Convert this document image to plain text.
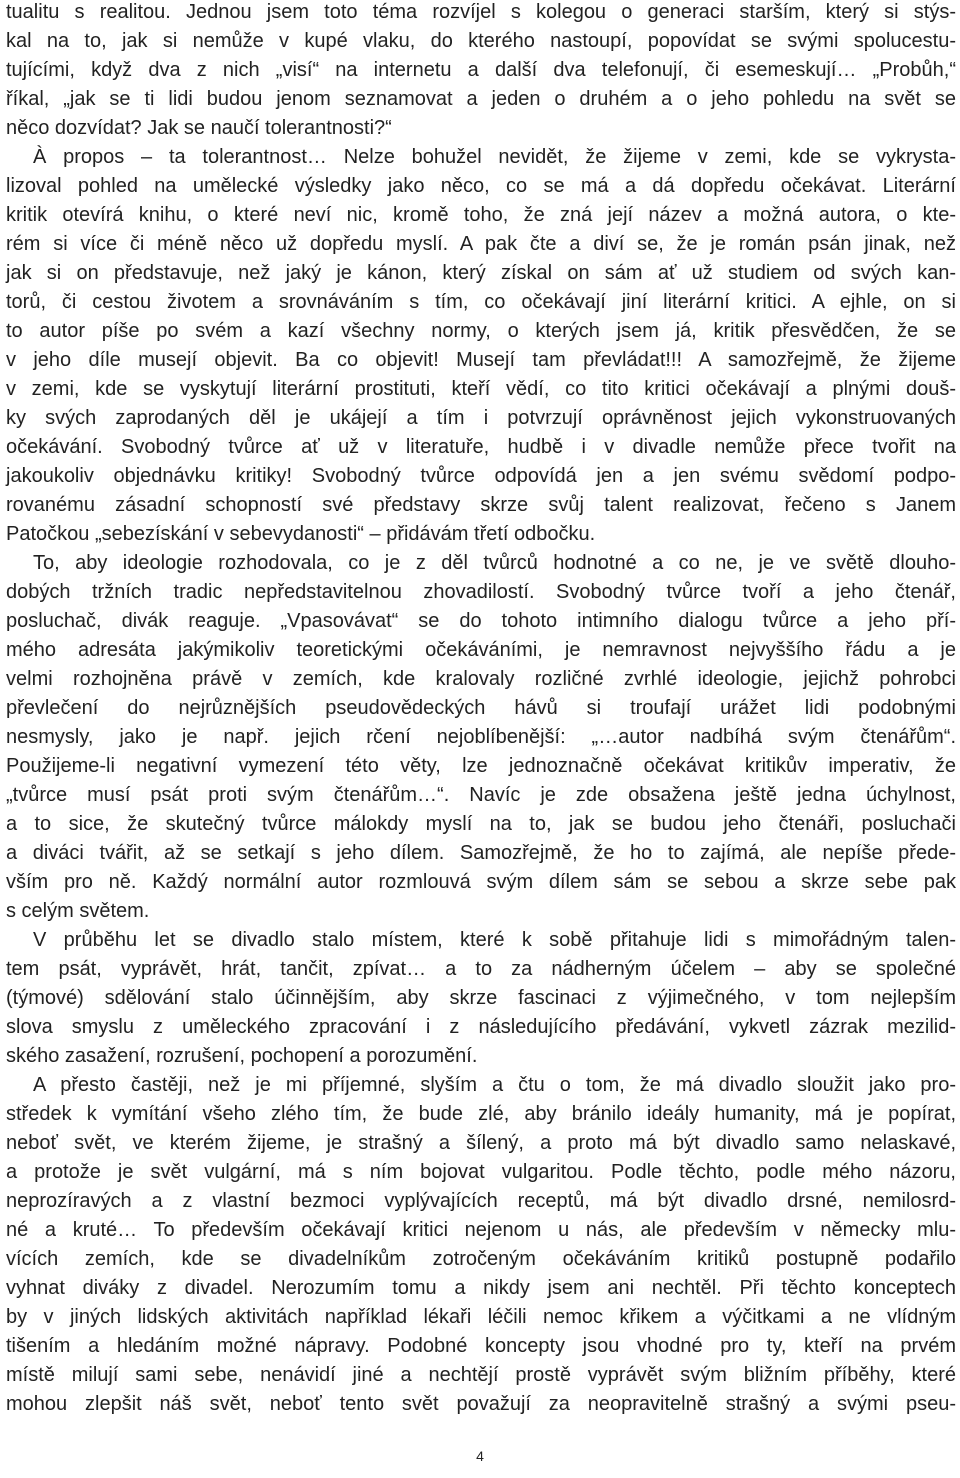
tualitu s realitou. Jednou jsem toto téma rozvíjel s kolegou o generaci starším, který si stýs-
kal na to, jak si nemůže v kupé vlaku, do kterého nastoupí, popovídat se svými spolucestu-
tujícími, když dva z nich „visí“ na internetu a další dva telefonují, či esemeskují… „Probůh,“
říkal, „jak se ti lidi budou jenom seznamovat a jeden o druhém a o jeho pohledu na svět se
něco dozvídat? Jak se naučí tolerantnosti?“
À propos – ta tolerantnost… Nelze bohužel nevidět, že žijeme v zemi, kde se vykrysta-
lizoval pohled na umělecké výsledky jako něco, co se má a dá dopředu očekávat. Literární
kritik otevírá knihu, o které neví nic, kromě toho, že zná její název a možná autora, o kte-
rém si více či méně něco už dopředu myslí. A pak čte a diví se, že je román psán jinak, než
jak si on představuje, než jaký je kánon, který získal on sám ať už studiem od svých kan-
torů, či cestou životem a srovnáváním s tím, co očekávají jiní literární kritici. A ejhle, on si
to autor píše po svém a kazí všechny normy, o kterých jsem já, kritik přesvědčen, že se
v jeho díle musejí objevit. Ba co objevit! Musejí tam převládat!!! A samozřejmě, že žijeme
v zemi, kde se vyskytují literární prostituti, kteří vědí, co tito kritici očekávají a plnými douš-
ky svých zaprodaných děl je ukájejí a tím i potvrzují oprávněnost jejich vykonstruovaných
očekávání. Svobodný tvůrce ať už v literatuře, hudbě i v divadle nemůže přece tvořit na
jakoukoliv objednávku kritiky! Svobodný tvůrce odpovídá jen a jen svému svědomí podpo-
rovanému zásadní schopností své představy skrze svůj talent realizovat, řečeno s Janem
Patočkou „sebezískání v sebevydanosti“ – přidávám třetí odbočku.
To, aby ideologie rozhodovala, co je z děl tvůrců hodnotné a co ne, je ve světě dlouho-
dobých tržních tradic nepředstavitelnou zhovadilostí. Svobodný tvůrce tvoří a jeho čtenář,
posluchač, divák reaguje. „Vpasovávat“ se do tohoto intimního dialogu tvůrce a jeho pří-
mého adresáta jakýmikoliv teoretickými očekáváními, je nemravnost nejvyššího řádu a je
velmi rozhojněna právě v zemích, kde kralovaly rozličné zvrhlé ideologie, jejichž pohrobci
převlečení do nejrůznějších pseudovědeckých hávů si troufají urážet lidi podobnými
nesmysly, jako je např. jejich rčení nejoblíbenější: „…autor nadbíhá svým čtenářům“.
Použijeme-li negativní vymezení této věty, lze jednoznačně očekávat kritikův imperativ, že
„tvůrce musí psát proti svým čtenářům…“. Navíc je zde obsažena ještě jedna úchylnost,
a to sice, že skutečný tvůrce málokdy myslí na to, jak se budou jeho čtenáři, posluchači
a diváci tvářit, až se setkají s jeho dílem. Samozřejmě, že ho to zajímá, ale nepíše přede-
vším pro ně. Každý normální autor rozmlouvá svým dílem sám se sebou a skrze sebe pak
s celým světem.
V průběhu let se divadlo stalo místem, které k sobě přitahuje lidi s mimořádným talen-
tem psát, vyprávět, hrát, tančit, zpívat… a to za nádherným účelem – aby se společné
(týmové) sdělování stalo účinnějším, aby skrze fascinaci z výjimečného, v tom nejlepším
slova smyslu z uměleckého zpracování i z následujícího předávání, vykvetl zázrak mezilid-
ského zasažení, rozrušení, pochopení a porozumění.
A přesto častěji, než je mi příjemné, slyším a čtu o tom, že má divadlo sloužit jako pro-
středek k vymítání všeho zlého tím, že bude zlé, aby bránilo ideály humanity, má je popírat,
neboť svět, ve kterém žijeme, je strašný a šílený, a proto má být divadlo samo nelaskavé,
a protože je svět vulgární, má s ním bojovat vulgaritou. Podle těchto, podle mého názoru,
neprozíravých a z vlastní bezmoci vyplývajících receptů, má být divadlo drsné, nemilosrd-
né a kruté… To především očekávají kritici nejenom u nás, ale především v německy mlu-
vících zemích, kde se divadelníkům zotročeným očekáváním kritiků postupně podařilo
vyhnat diváky z divadel. Nerozumím tomu a nikdy jsem ani nechtěl. Při těchto konceptech
by v jiných lidských aktivitách například lékaři léčili nemoc křikem a výčitkami a ne vlídným
tišením a hledáním možné nápravy. Podobné koncepty jsou vhodné pro ty, kteří na prvém
místě milují sami sebe, nenávidí jiné a nechtějí prostě vyprávět svým bližním příběhy, které
mohou zlepšit náš svět, neboť tento svět považují za neopravitelně strašný a svými pseu-
4
